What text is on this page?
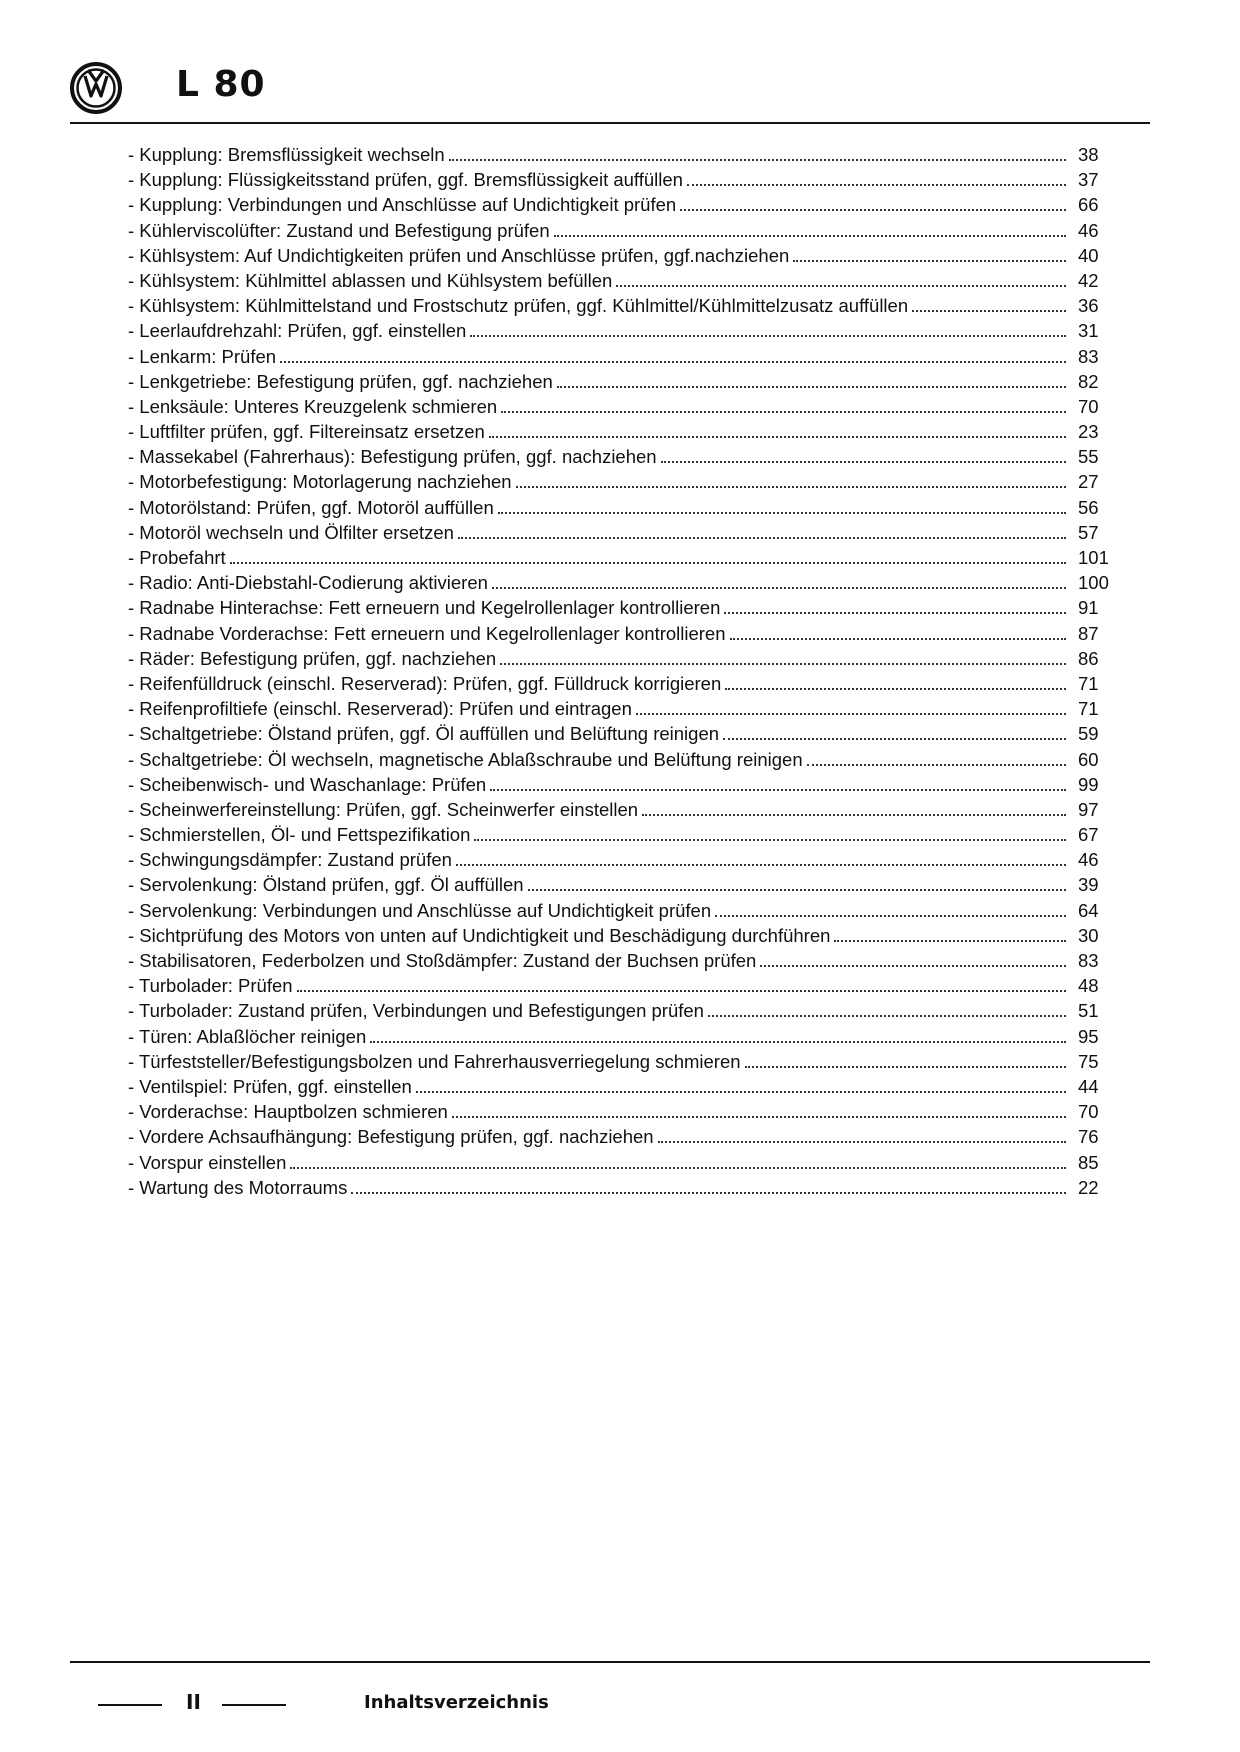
L 80
- Kupplung: Bremsflüssigkeit wechseln	38
- Kupplung: Flüssigkeitsstand prüfen, ggf. Bremsflüssigkeit auffüllen	37
- Kupplung: Verbindungen und Anschlüsse auf Undichtigkeit prüfen	66
- Kühlerviscolüfter: Zustand und Befestigung prüfen	46
- Kühlsystem: Auf Undichtigkeiten prüfen und Anschlüsse prüfen, ggf.nachziehen	40
- Kühlsystem: Kühlmittel ablassen und Kühlsystem befüllen	42
- Kühlsystem: Kühlmittelstand und Frostschutz prüfen, ggf. Kühlmittel/Kühlmittelzusatz auffüllen	36
- Leerlaufdrehzahl: Prüfen, ggf. einstellen	31
- Lenkarm: Prüfen	83
- Lenkgetriebe: Befestigung prüfen, ggf. nachziehen	82
- Lenksäule: Unteres Kreuzgelenk schmieren	70
- Luftfilter prüfen, ggf. Filtereinsatz ersetzen	23
- Massekabel (Fahrerhaus): Befestigung prüfen, ggf. nachziehen	55
- Motorbefestigung: Motorlagerung nachziehen	27
- Motorölstand: Prüfen, ggf. Motoröl auffüllen	56
- Motoröl wechseln und Ölfilter ersetzen	57
- Probefahrt	101
- Radio: Anti-Diebstahl-Codierung aktivieren	100
- Radnabe Hinterachse: Fett erneuern und Kegelrollenlager kontrollieren	91
- Radnabe Vorderachse: Fett erneuern und Kegelrollenlager kontrollieren	87
- Räder: Befestigung prüfen, ggf. nachziehen	86
- Reifenfülldruck (einschl. Reserverad): Prüfen, ggf. Fülldruck korrigieren	71
- Reifenprofiltiefe (einschl. Reserverad): Prüfen und eintragen	71
- Schaltgetriebe: Ölstand prüfen, ggf. Öl auffüllen und Belüftung reinigen	59
- Schaltgetriebe: Öl wechseln, magnetische Ablaßschraube und Belüftung reinigen	60
- Scheibenwisch- und Waschanlage: Prüfen	99
- Scheinwerfereinstellung: Prüfen, ggf. Scheinwerfer einstellen	97
- Schmierstellen, Öl- und Fettspezifikation	67
- Schwingungsdämpfer: Zustand prüfen	46
- Servolenkung: Ölstand prüfen, ggf. Öl auffüllen	39
- Servolenkung: Verbindungen und Anschlüsse auf Undichtigkeit prüfen	64
- Sichtprüfung des Motors von unten auf Undichtigkeit und Beschädigung durchführen	30
- Stabilisatoren, Federbolzen und Stoßdämpfer: Zustand der Buchsen prüfen	83
- Turbolader: Prüfen	48
- Turbolader: Zustand prüfen, Verbindungen und Befestigungen prüfen	51
- Türen: Ablaßlöcher reinigen	95
- Türfeststeller/Befestigungsbolzen und Fahrerhausverriegelung schmieren	75
- Ventilspiel: Prüfen, ggf. einstellen	44
- Vorderachse: Hauptbolzen schmieren	70
- Vordere Achsaufhängung: Befestigung prüfen, ggf. nachziehen	76
- Vorspur einstellen	85
- Wartung des Motorraums	22
II	Inhaltsverzeichnis
